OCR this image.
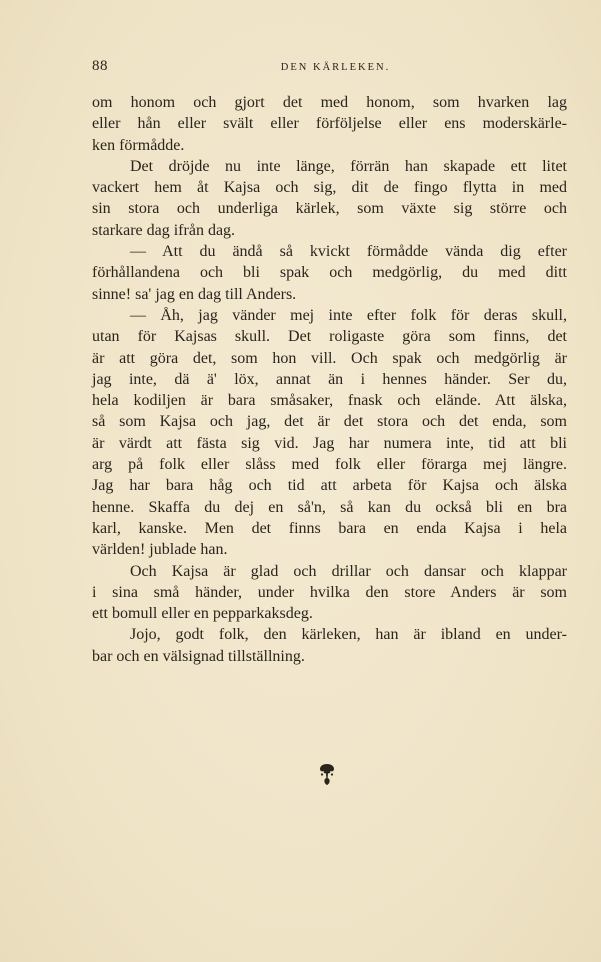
88	DEN KÄRLEKEN.
om honom och gjort det med honom, som hvarken lag
eller hån eller svält eller förföljelse eller ens moderskärle-
ken förmådde.
Det dröjde nu inte länge, förrän han skapade ett litet
vackert hem åt Kajsa och sig, dit de fingo flytta in med
sin stora och underliga kärlek, som växte sig större och
starkare dag ifrån dag.
— Att du ändå så kvickt förmådde vända dig efter
förhållandena och bli spak och medgörlig, du med ditt
sinne! sa' jag en dag till Anders.
— Åh, jag vänder mej inte efter folk för deras skull,
utan för Kajsas skull. Det roligaste göra som finns, det
är att göra det, som hon vill. Och spak och medgörlig är
jag inte, dä ä' löx, annat än i hennes händer. Ser du,
hela kodiljen är bara småsaker, fnask och elände. Att älska,
så som Kajsa och jag, det är det stora och det enda, som
är värdt att fästa sig vid. Jag har numera inte, tid att bli
arg på folk eller slåss med folk eller förarga mej längre.
Jag har bara håg och tid att arbeta för Kajsa och älska
henne. Skaffa du dej en så'n, så kan du också bli en bra
karl, kanske. Men det finns bara en enda Kajsa i hela
världen! jublade han.
Och Kajsa är glad och drillar och dansar och klappar
i sina små händer, under hvilka den store Anders är som
ett bomull eller en pepparkaksdeg.
Jojo, godt folk, den kärleken, han är ibland en under-
bar och en välsignad tillställning.
